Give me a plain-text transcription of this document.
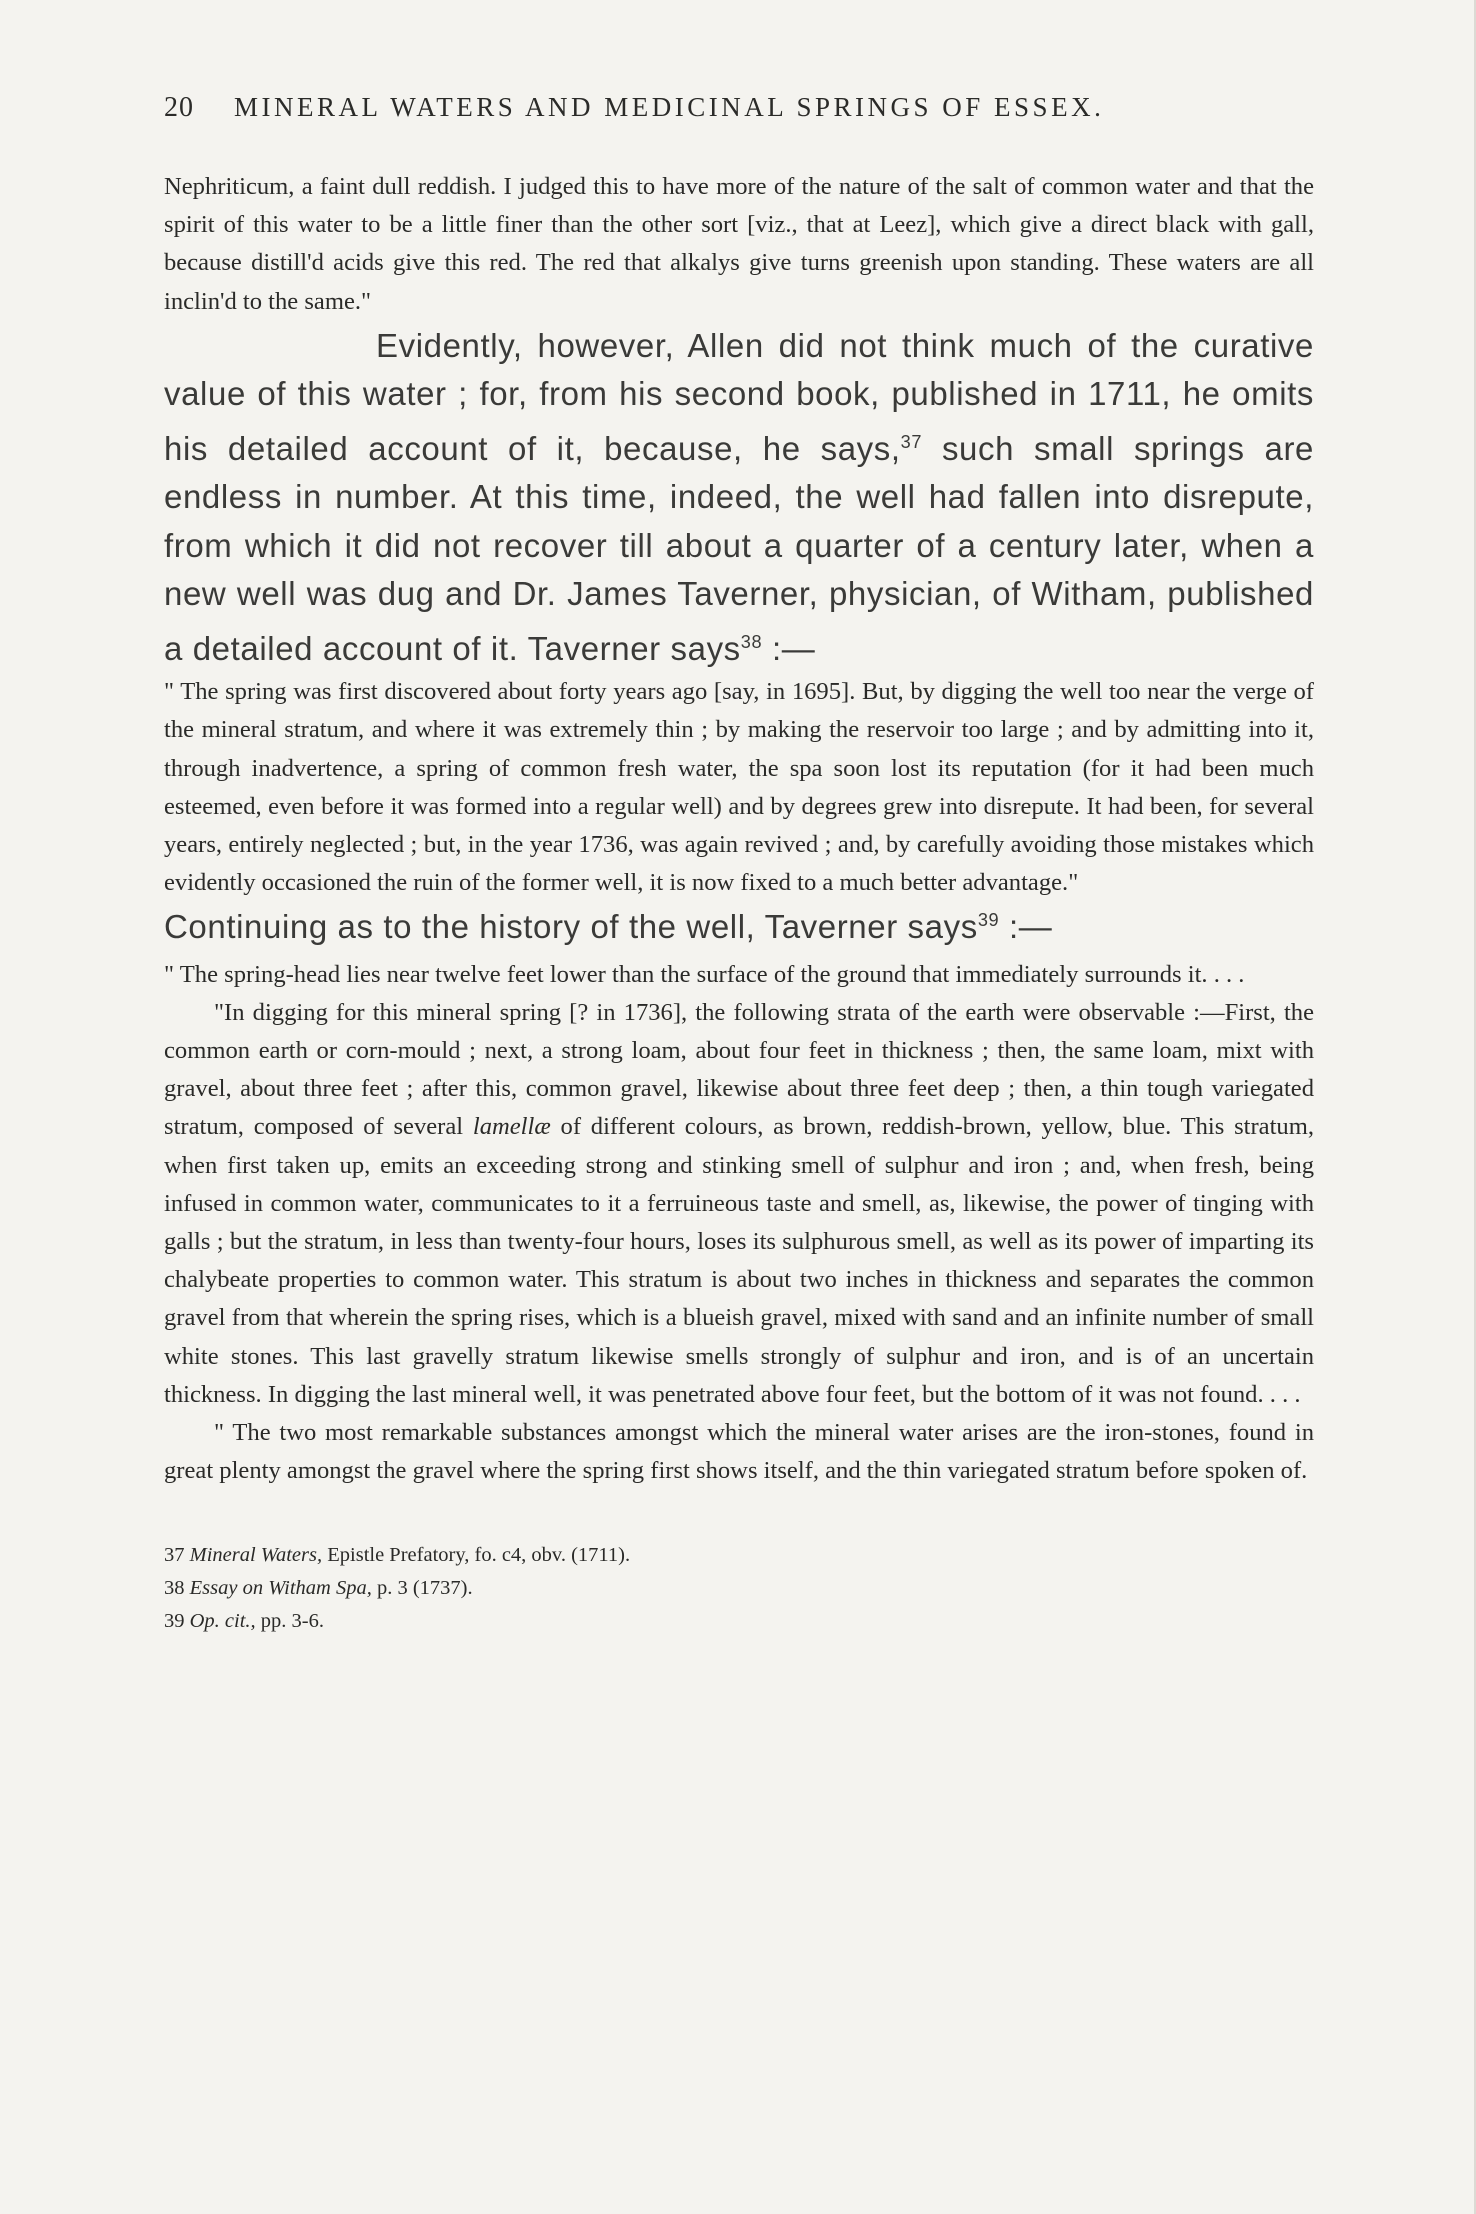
20 MINERAL WATERS AND MEDICINAL SPRINGS OF ESSEX.

Nephriticum, a faint dull reddish. I judged this to have more of the nature of the salt of common water and that the spirit of this water to be a little finer than the other sort [viz., that at Leez], which give a direct black with gall, because distill'd acids give this red. The red that alkalys give turns greenish upon standing. These waters are all inclin'd to the same."

Evidently, however, Allen did not think much of the curative value of this water ; for, from his second book, published in 1711, he omits his detailed account of it, because, he says,$^{37}$ such small springs are endless in number. At this time, indeed, the well had fallen into disrepute, from which it did not recover till about a quarter of a century later, when a new well was dug and Dr. James Taverner, physician, of Witham, published a detailed account of it. Taverner says$^{38}$ :—

" The spring was first discovered about forty years ago [say, in 1695]. But, by digging the well too near the verge of the mineral stratum, and where it was extremely thin ; by making the reservoir too large ; and by admitting into it, through inadvertence, a spring of common fresh water, the spa soon lost its reputation (for it had been much esteemed, even before it was formed into a regular well) and by degrees grew into disrepute. It had been, for several years, entirely neglected ; but, in the year 1736, was again revived ; and, by carefully avoiding those mistakes which evidently occasioned the ruin of the former well, it is now fixed to a much better advantage."

Continuing as to the history of the well, Taverner says$^{39}$ :—

" The spring-head lies near twelve feet lower than the surface of the ground that immediately surrounds it. . . .

"In digging for this mineral spring [? in 1736], the following strata of the earth were observable :—First, the common earth or corn-mould ; next, a strong loam, about four feet in thickness ; then, the same loam, mixt with gravel, about three feet ; after this, common gravel, likewise about three feet deep ; then, a thin tough variegated stratum, composed of several lamellæ of different colours, as brown, reddish-brown, yellow, blue. This stratum, when first taken up, emits an exceeding strong and stinking smell of sulphur and iron ; and, when fresh, being infused in common water, communicates to it a ferruineous taste and smell, as, likewise, the power of tinging with galls ; but the stratum, in less than twenty-four hours, loses its sulphurous smell, as well as its power of imparting its chalybeate properties to common water. This stratum is about two inches in thickness and separates the common gravel from that wherein the spring rises, which is a blueish gravel, mixed with sand and an infinite number of small white stones. This last gravelly stratum likewise smells strongly of sulphur and iron, and is of an uncertain thickness. In digging the last mineral well, it was penetrated above four feet, but the bottom of it was not found. . . .

" The two most remarkable substances amongst which the mineral water arises are the iron-stones, found in great plenty amongst the gravel where the spring first shows itself, and the thin variegated stratum before spoken of.

37 Mineral Waters, Epistle Prefatory, fo. c4, obv. (1711).

38 Essay on Witham Spa, p. 3 (1737).

39 Op. cit., pp. 3-6.
